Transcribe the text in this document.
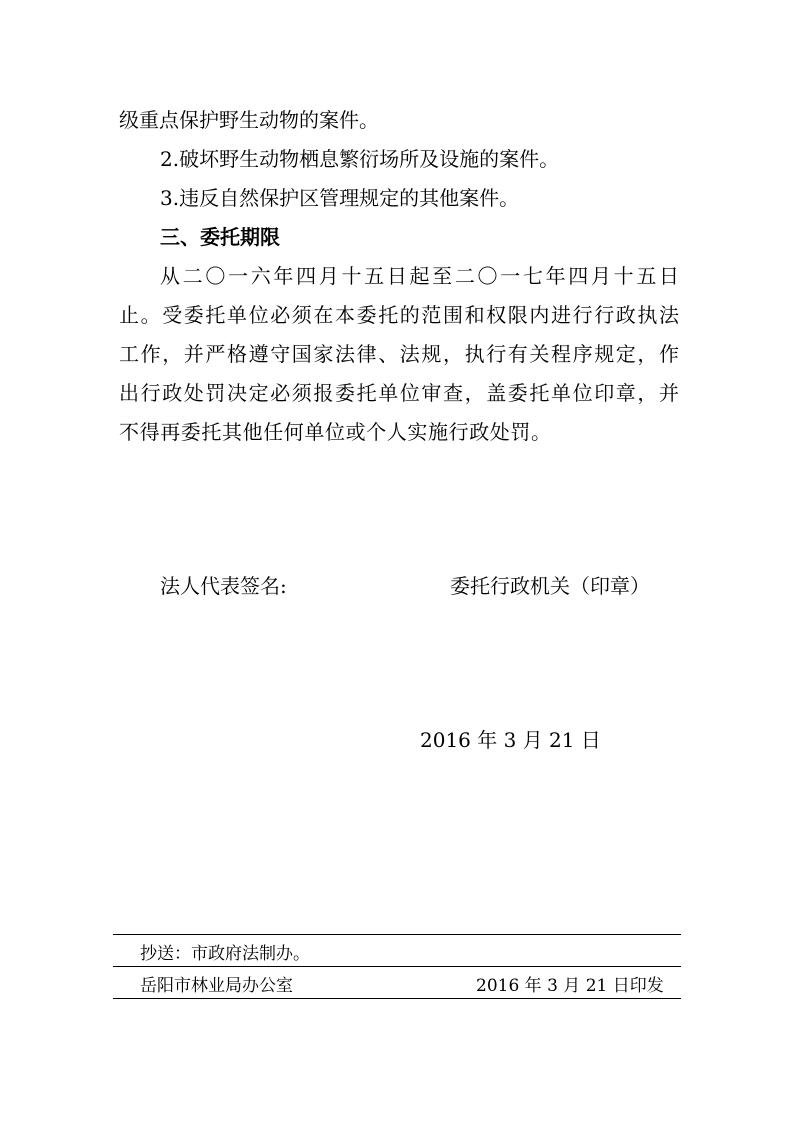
级重点保护野生动物的案件。
2.破坏野生动物栖息繁衍场所及设施的案件。
3.违反自然保护区管理规定的其他案件。
三、委托期限
从二〇一六年四月十五日起至二〇一七年四月十五日
止。受委托单位必须在本委托的范围和权限内进行行政执法
工作，并严格遵守国家法律、法规，执行有关程序规定，作
出行政处罚决定必须报委托单位审查，盖委托单位印章，并
不得再委托其他任何单位或个人实施行政处罚。
法人代表签名:	委托行政机关（印章）
2016 年 3 月 21 日
抄送：市政府法制办。
岳阳市林业局办公室	2016 年 3 月 21 日印发
